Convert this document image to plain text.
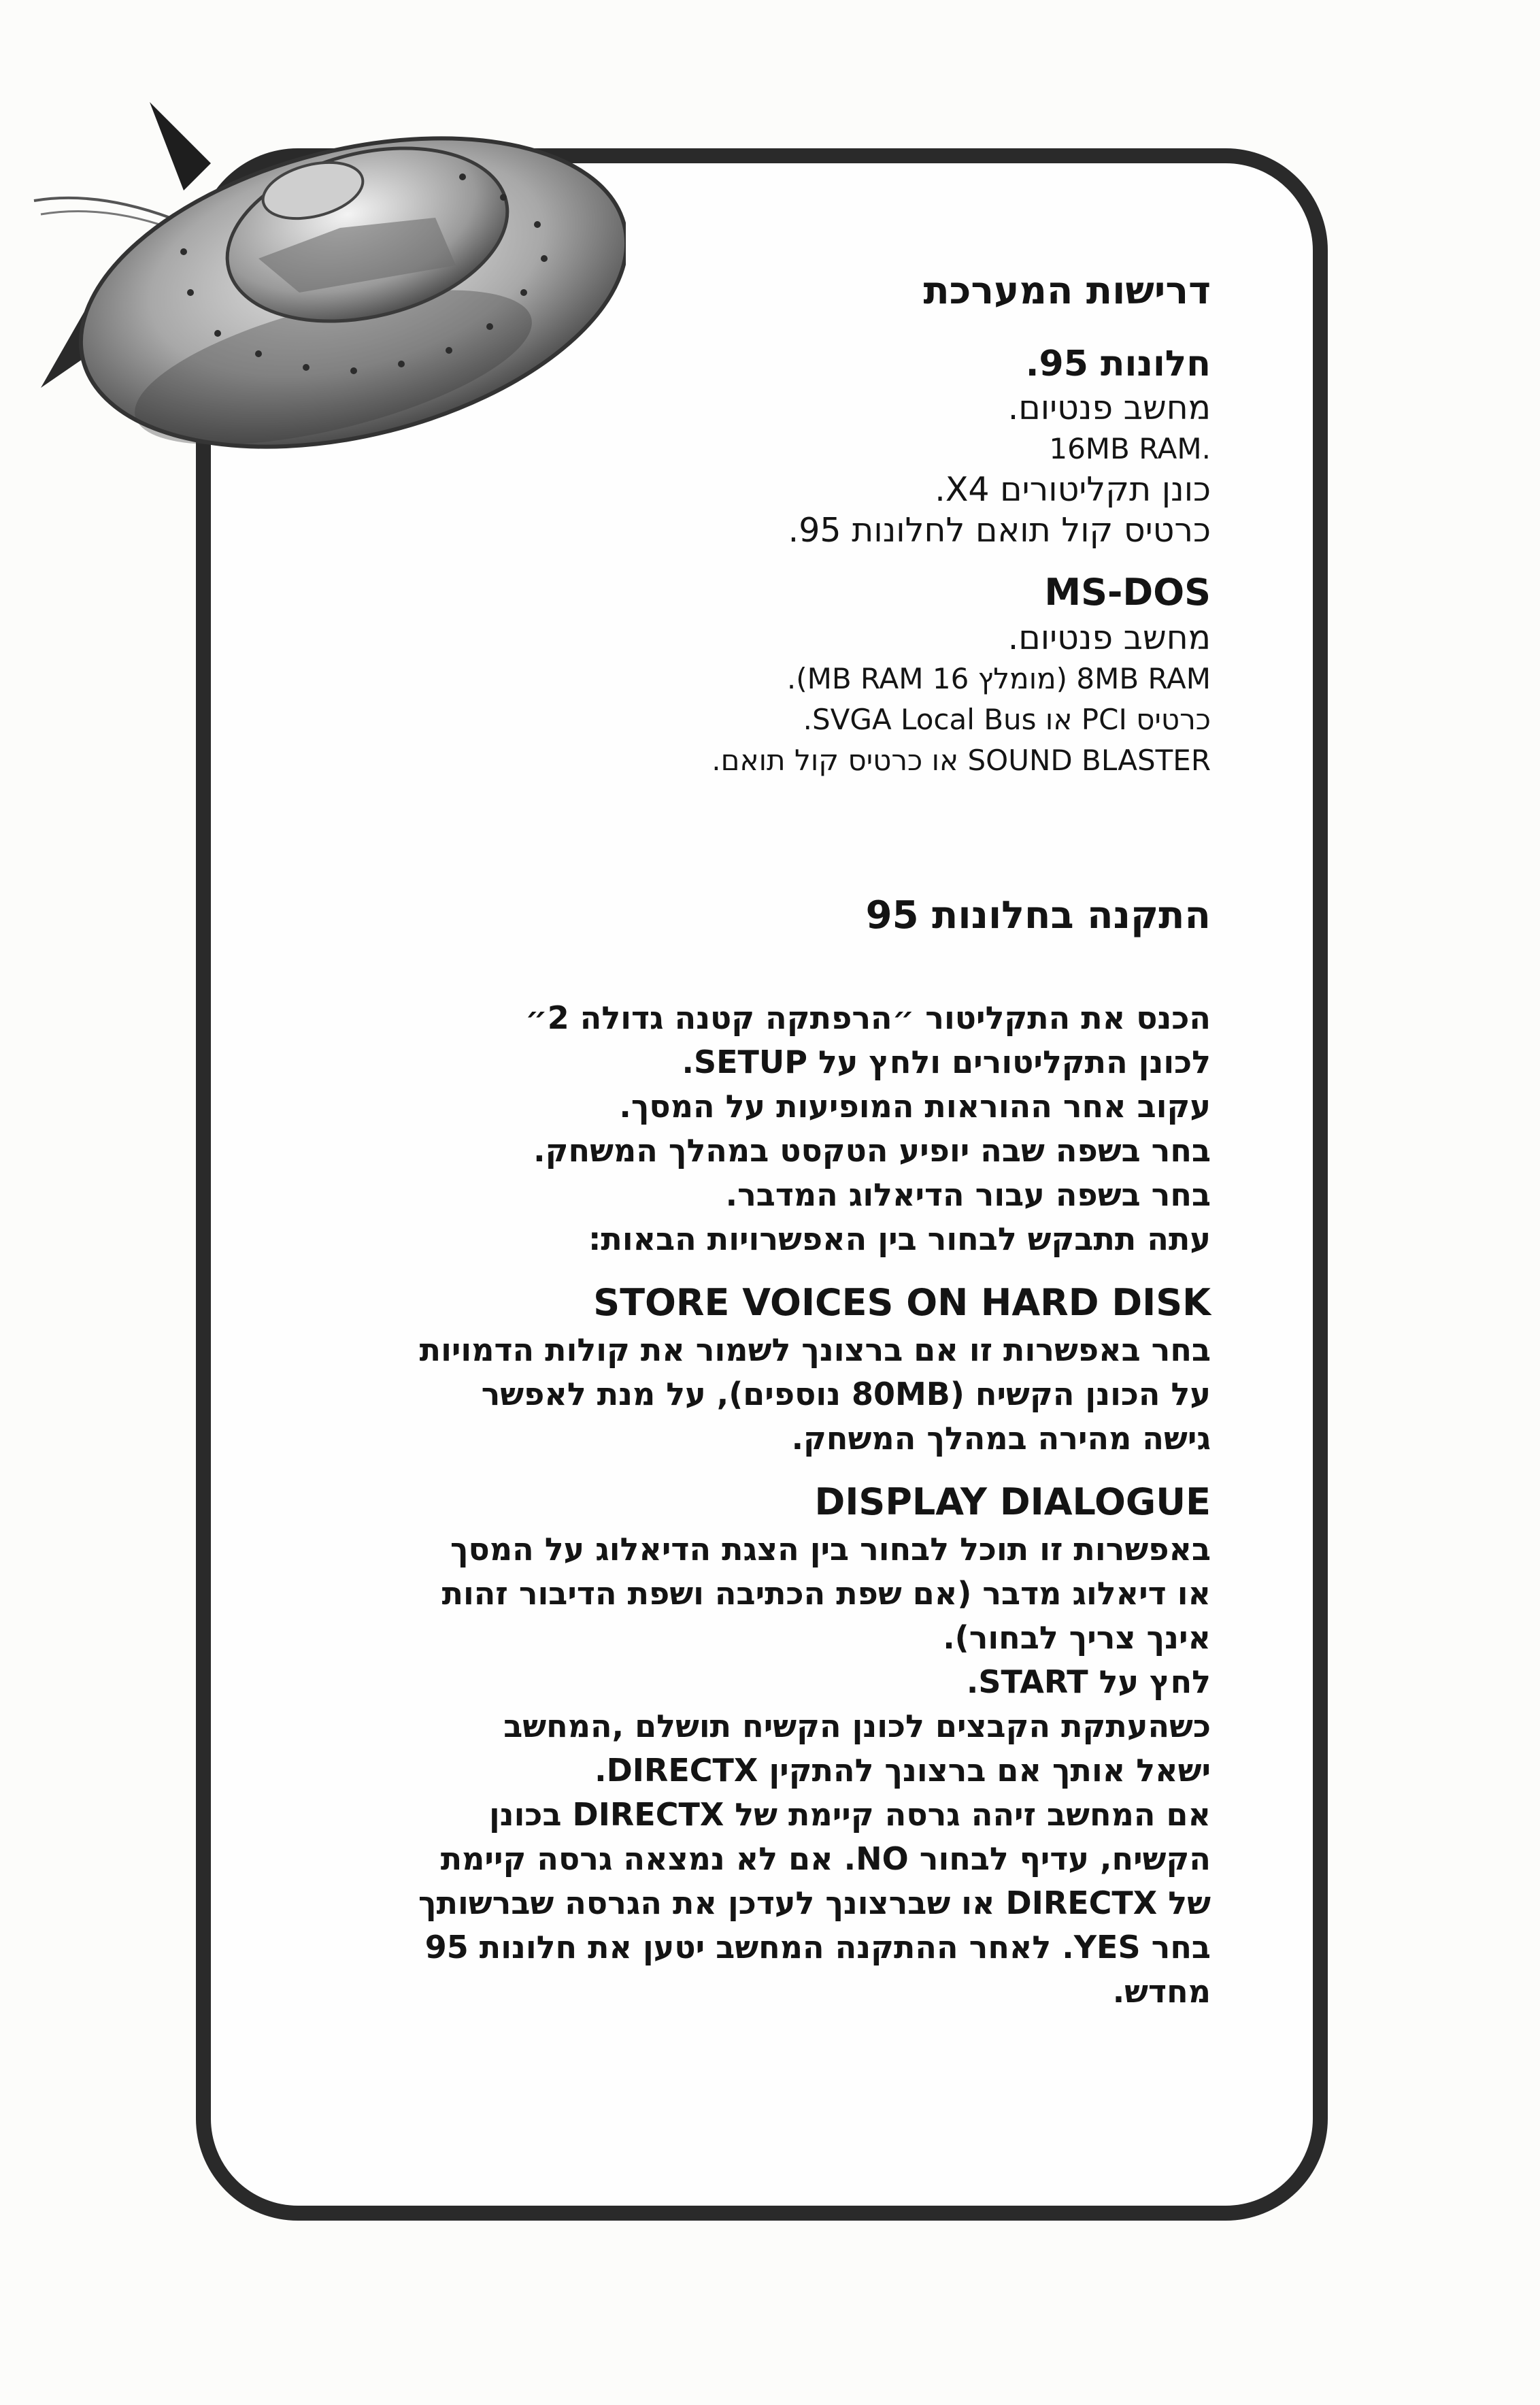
דרישות המערכת
חלונות 95.

מחשב פנטיום.

.16MB RAM

כונן תקליטורים X4.

כרטיס קול תואם לחלונות 95.

MS-DOS

מחשב פנטיום.

8MB RAM (מומלץ 16 MB RAM).

כרטיס PCI או SVGA Local Bus.

SOUND BLASTER או כרטיס קול תואם.

התקנה בחלונות 95

הכנס את התקליטור ״הרפתקה קטנה גדולה 2״

לכונן התקליטורים ולחץ על SETUP.

עקוב אחר ההוראות המופיעות על המסך.

בחר בשפה שבה יופיע הטקסט במהלך המשחק.

בחר בשפה עבור הדיאלוג המדבר.

עתה תתבקש לבחור בין האפשרויות הבאות:

STORE VOICES ON HARD DISK

בחר באפשרות זו אם ברצונך לשמור את קולות הדמויות

על הכונן הקשיח (80MB נוספים), על מנת לאפשר

גישה מהירה במהלך המשחק.

DISPLAY DIALOGUE

באפשרות זו תוכל לבחור בין הצגת הדיאלוג על המסך

או דיאלוג מדבר (אם שפת הכתיבה ושפת הדיבור זהות

אינך צריך לבחור).

לחץ על START.

כשהעתקת הקבצים לכונן הקשיח תושלם ,המחשב

ישאל אותך אם ברצונך להתקין DIRECTX.

אם המחשב זיהה גרסה קיימת של DIRECTX בכונן

הקשיח, עדיף לבחור NO. אם לא נמצאה גרסה קיימת

של DIRECTX או שברצונך לעדכן את הגרסה שברשותך

בחר YES. לאחר ההתקנה המחשב יטען את חלונות 95

מחדש.
